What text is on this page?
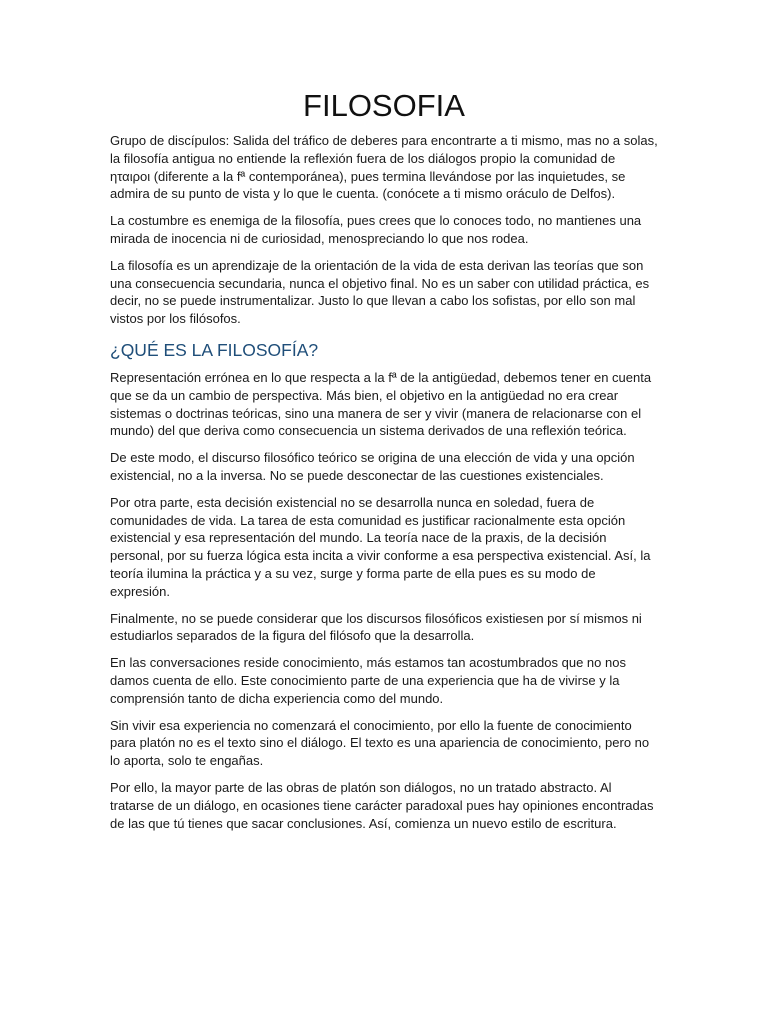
FILOSOFIA

Grupo de discípulos: Salida del tráfico de deberes para encontrarte a ti mismo, mas no a solas, la filosofía antigua no entiende la reflexión fuera de los diálogos propio la comunidad de ηταιροι (diferente a la fª contemporánea), pues termina llevándose por las inquietudes, se admira de su punto de vista y lo que le cuenta. (conócete a ti mismo oráculo de Delfos).

La costumbre es enemiga de la filosofía, pues crees que lo conoces todo, no mantienes una mirada de inocencia ni de curiosidad, menospreciando lo que nos rodea.

La filosofía es un aprendizaje de la orientación de la vida de esta derivan las teorías que son una consecuencia secundaria, nunca el objetivo final. No es un saber con utilidad práctica, es decir, no se puede instrumentalizar. Justo lo que llevan a cabo los sofistas, por ello son mal vistos por los filósofos.

¿QUÉ ES LA FILOSOFÍA?

Representación errónea en lo que respecta a la fª de la antigüedad, debemos tener en cuenta que se da un cambio de perspectiva. Más bien, el objetivo en la antigüedad no era crear sistemas o doctrinas teóricas, sino una manera de ser y vivir (manera de relacionarse con el mundo) del que deriva como consecuencia un sistema derivados de una reflexión teórica.

De este modo, el discurso filosófico teórico se origina de una elección de vida y una opción existencial, no a la inversa. No se puede desconectar de las cuestiones existenciales.

Por otra parte, esta decisión existencial no se desarrolla nunca en soledad, fuera de comunidades de vida. La tarea de esta comunidad es justificar racionalmente esta opción existencial y esa representación del mundo. La teoría nace de la praxis, de la decisión personal, por su fuerza lógica esta incita a vivir conforme a esa perspectiva existencial. Así, la teoría ilumina la práctica y a su vez, surge y forma parte de ella pues es su modo de expresión.

Finalmente, no se puede considerar que los discursos filosóficos existiesen por sí mismos ni estudiarlos separados de la figura del filósofo que la desarrolla.

En las conversaciones reside conocimiento, más estamos tan acostumbrados que no nos damos cuenta de ello. Este conocimiento parte de una experiencia que ha de vivirse y la comprensión tanto de dicha experiencia como del mundo.

Sin vivir esa experiencia no comenzará el conocimiento, por ello la fuente de conocimiento para platón no es el texto sino el diálogo. El texto es una apariencia de conocimiento, pero no lo aporta, solo te engañas.

Por ello, la mayor parte de las obras de platón son diálogos, no un tratado abstracto. Al tratarse de un diálogo, en ocasiones tiene carácter paradoxal pues hay opiniones encontradas de las que tú tienes que sacar conclusiones. Así, comienza un nuevo estilo de escritura.
